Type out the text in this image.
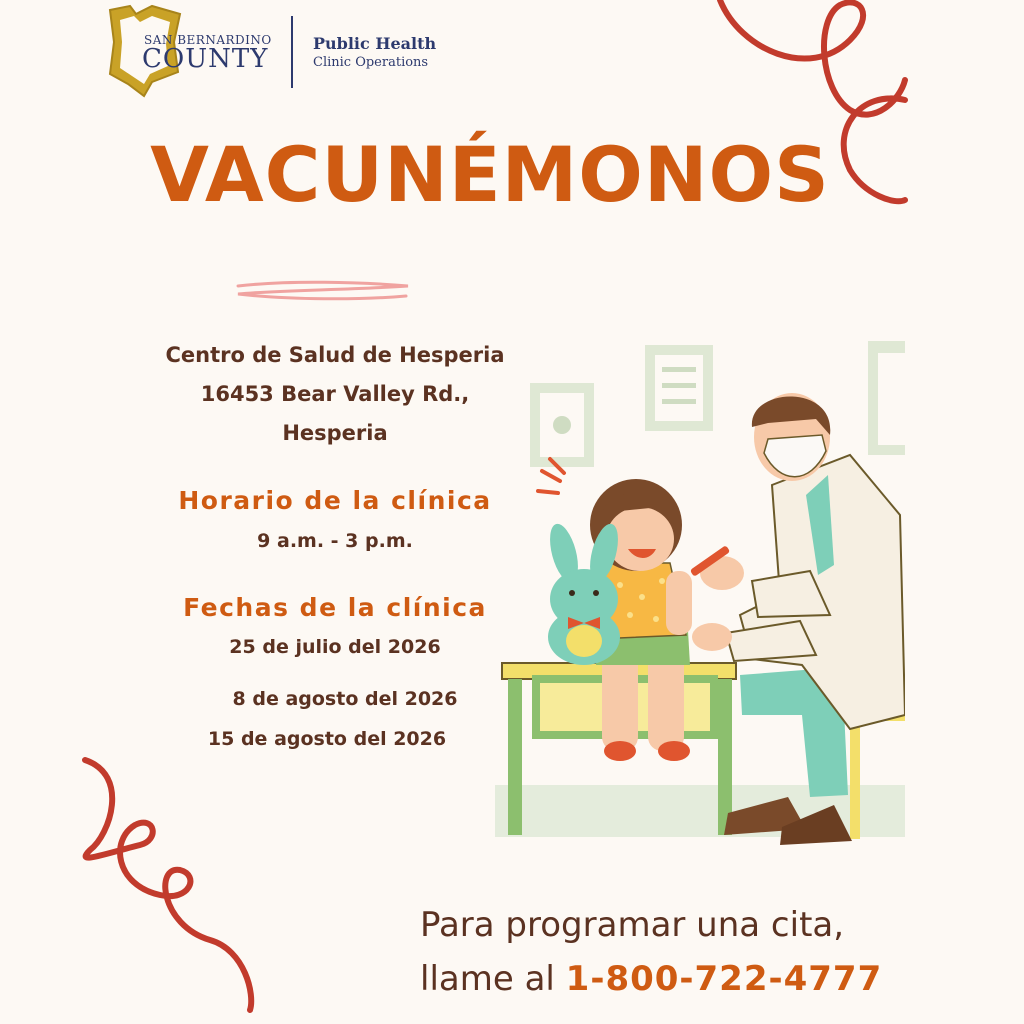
SAN BERNARDINO
COUNTY
Public Health
Clinic Operations
VACUNÉMONOS
Centro de Salud de Hesperia
16453 Bear Valley Rd.,
Hesperia
Horario de la clínica
9 a.m. - 3 p.m.
Fechas de la clínica
25 de julio del 2026
8 de agosto del 2026
15 de agosto del 2026
Para programar una cita,
llame al 1-800-722-4777
